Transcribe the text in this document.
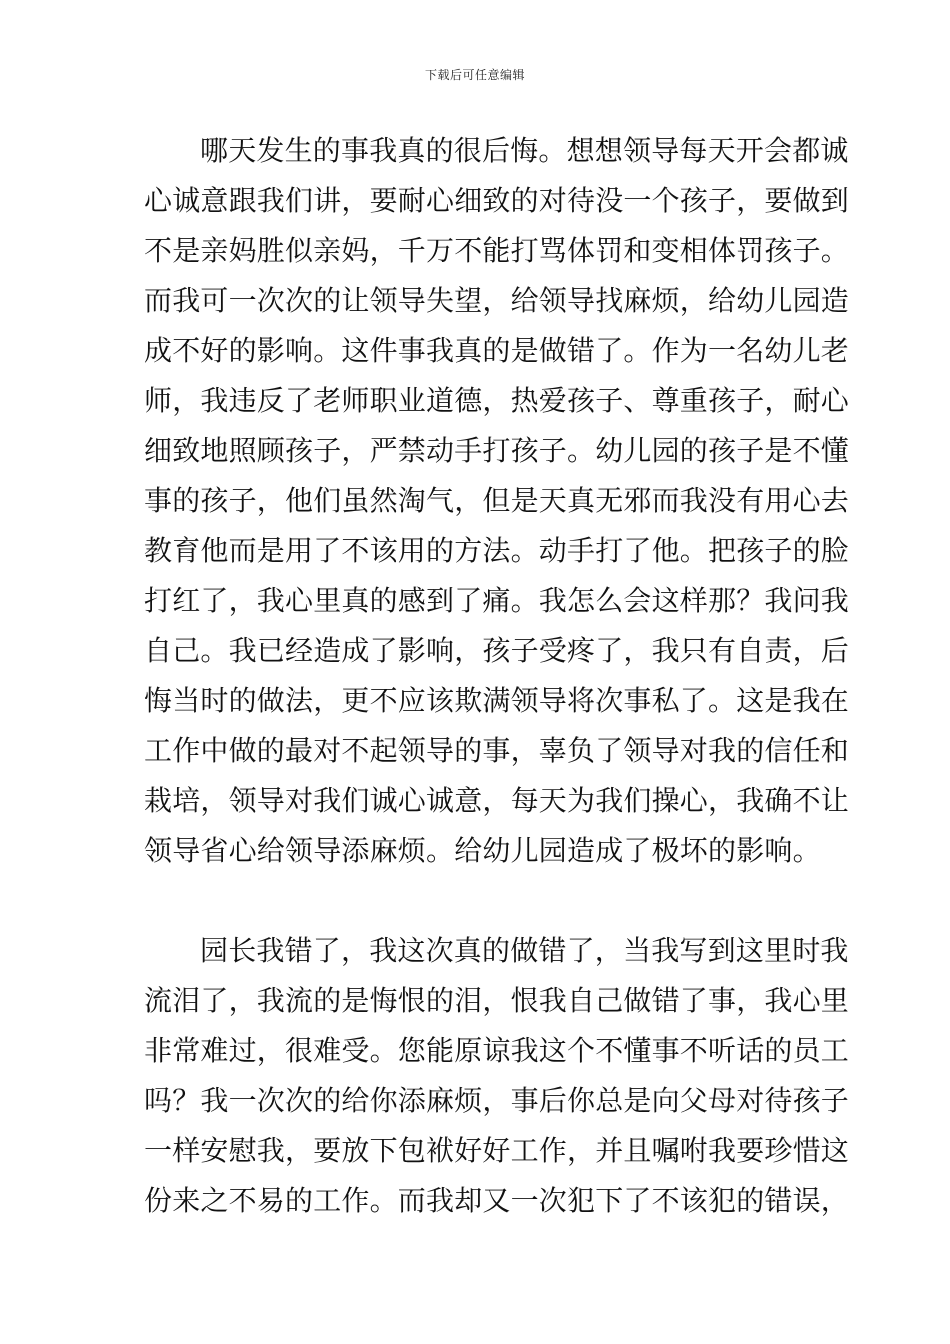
下载后可任意编辑
哪天发生的事我真的很后悔。想想领导每天开会都诚
心诚意跟我们讲，要耐心细致的对待没一个孩子，要做到
不是亲妈胜似亲妈，千万不能打骂体罚和变相体罚孩子。
而我可一次次的让领导失望，给领导找麻烦，给幼儿园造
成不好的影响。这件事我真的是做错了。作为一名幼儿老
师，我违反了老师职业道德，热爱孩子、尊重孩子，耐心
细致地照顾孩子，严禁动手打孩子。幼儿园的孩子是不懂
事的孩子，他们虽然淘气，但是天真无邪而我没有用心去
教育他而是用了不该用的方法。动手打了他。把孩子的脸
打红了，我心里真的感到了痛。我怎么会这样那？我问我
自己。我已经造成了影响，孩子受疼了，我只有自责，后
悔当时的做法，更不应该欺满领导将次事私了。这是我在
工作中做的最对不起领导的事，辜负了领导对我的信任和
栽培，领导对我们诚心诚意，每天为我们操心，我确不让
领导省心给领导添麻烦。给幼儿园造成了极坏的影响。
园长我错了，我这次真的做错了，当我写到这里时我
流泪了，我流的是悔恨的泪，恨我自己做错了事，我心里
非常难过，很难受。您能原谅我这个不懂事不听话的员工
吗？我一次次的给你添麻烦，事后你总是向父母对待孩子
一样安慰我，要放下包袱好好工作，并且嘱咐我要珍惜这
份来之不易的工作。而我却又一次犯下了不该犯的错误，
